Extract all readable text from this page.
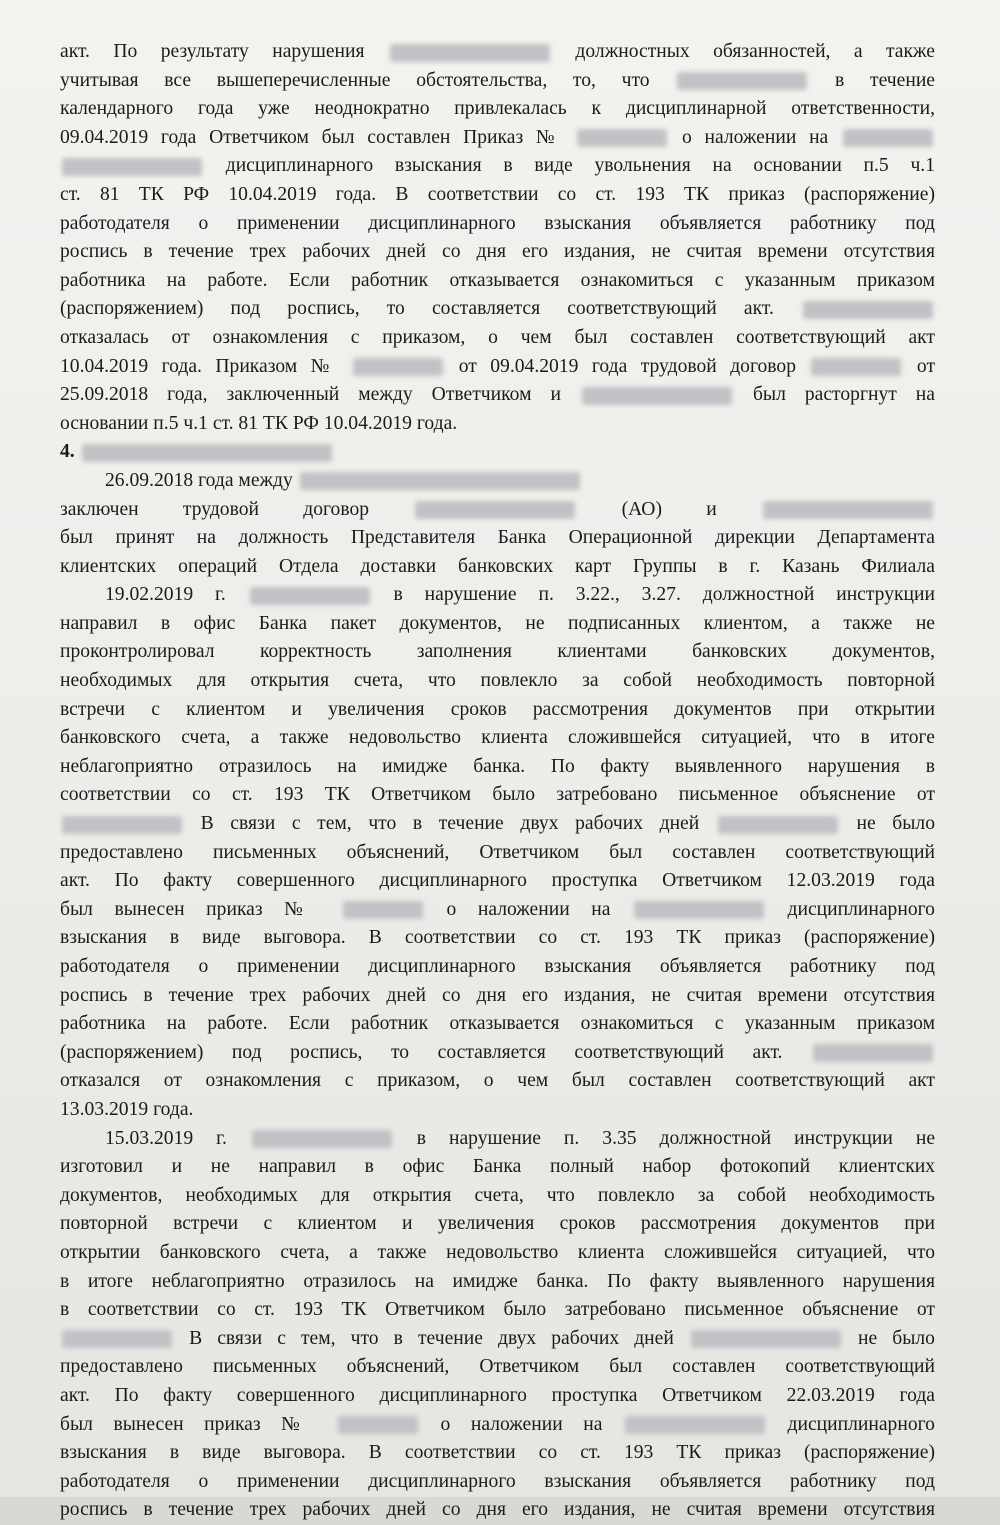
акт. По результату нарушения	должностных обязанностей, а также
учитывая все вышеперечисленные обстоятельства, то, что	в течение
календарного года уже неоднократно привлекалась к дисциплинарной ответственности,
09.04.2019 года Ответчиком был составлен Приказ №	о наложении на
дисциплинарного взыскания в виде увольнения на основании п.5 ч.1
ст. 81 ТК РФ 10.04.2019 года. В соответствии со ст. 193 ТК приказ (распоряжение)
работодателя о применении дисциплинарного взыскания объявляется работнику под
роспись в течение трех рабочих дней со дня его издания, не считая времени отсутствия
работника на работе. Если работник отказывается ознакомиться с указанным приказом
(распоряжением) под роспись, то составляется соответствующий акт.
отказалась от ознакомления с приказом, о чем был составлен соответствующий акт
10.04.2019 года. Приказом №	от 09.04.2019 года трудовой договор	от
25.09.2018 года, заключенный между Ответчиком и	был расторгнут на
основании п.5 ч.1 ст. 81 ТК РФ 10.04.2019 года.
4.
26.09.2018 года между
заключен трудовой договор	(АО) и
был принят на должность Представителя Банка Операционной дирекции Департамента
клиентских операций Отдела доставки банковских карт Группы в г. Казань Филиала
19.02.2019 г.	в нарушение п. 3.22., 3.27. должностной инструкции
направил в офис Банка пакет документов, не подписанных клиентом, а также не
проконтролировал корректность заполнения клиентами банковских документов,
необходимых для открытия счета, что повлекло за собой необходимость повторной
встречи с клиентом и увеличения сроков рассмотрения документов при открытии
банковского счета, а также недовольство клиента сложившейся ситуацией, что в итоге
неблагоприятно отразилось на имидже банка. По факту выявленного нарушения в
соответствии со ст. 193 ТК Ответчиком было затребовано письменное объяснение от
В связи с тем, что в течение двух рабочих дней	не было
предоставлено письменных объяснений, Ответчиком был составлен соответствующий
акт. По факту совершенного дисциплинарного проступка Ответчиком 12.03.2019 года
был вынесен приказ №	о наложении на	дисциплинарного
взыскания в виде выговора. В соответствии со ст. 193 ТК приказ (распоряжение)
работодателя о применении дисциплинарного взыскания объявляется работнику под
роспись в течение трех рабочих дней со дня его издания, не считая времени отсутствия
работника на работе. Если работник отказывается ознакомиться с указанным приказом
(распоряжением) под роспись, то составляется соответствующий акт.
отказался от ознакомления с приказом, о чем был составлен соответствующий акт
13.03.2019 года.
15.03.2019 г.	в нарушение п. 3.35 должностной инструкции не
изготовил и не направил в офис Банка полный набор фотокопий клиентских
документов, необходимых для открытия счета, что повлекло за собой необходимость
повторной встречи с клиентом и увеличения сроков рассмотрения документов при
открытии банковского счета, а также недовольство клиента сложившейся ситуацией, что
в итоге неблагоприятно отразилось на имидже банка. По факту выявленного нарушения
в соответствии со ст. 193 ТК Ответчиком было затребовано письменное объяснение от
В связи с тем, что в течение двух рабочих дней	не было
предоставлено письменных объяснений, Ответчиком был составлен соответствующий
акт. По факту совершенного дисциплинарного проступка Ответчиком 22.03.2019 года
был вынесен приказ №	о наложении на	дисциплинарного
взыскания в виде выговора. В соответствии со ст. 193 ТК приказ (распоряжение)
работодателя о применении дисциплинарного взыскания объявляется работнику под
роспись в течение трех рабочих дней со дня его издания, не считая времени отсутствия
